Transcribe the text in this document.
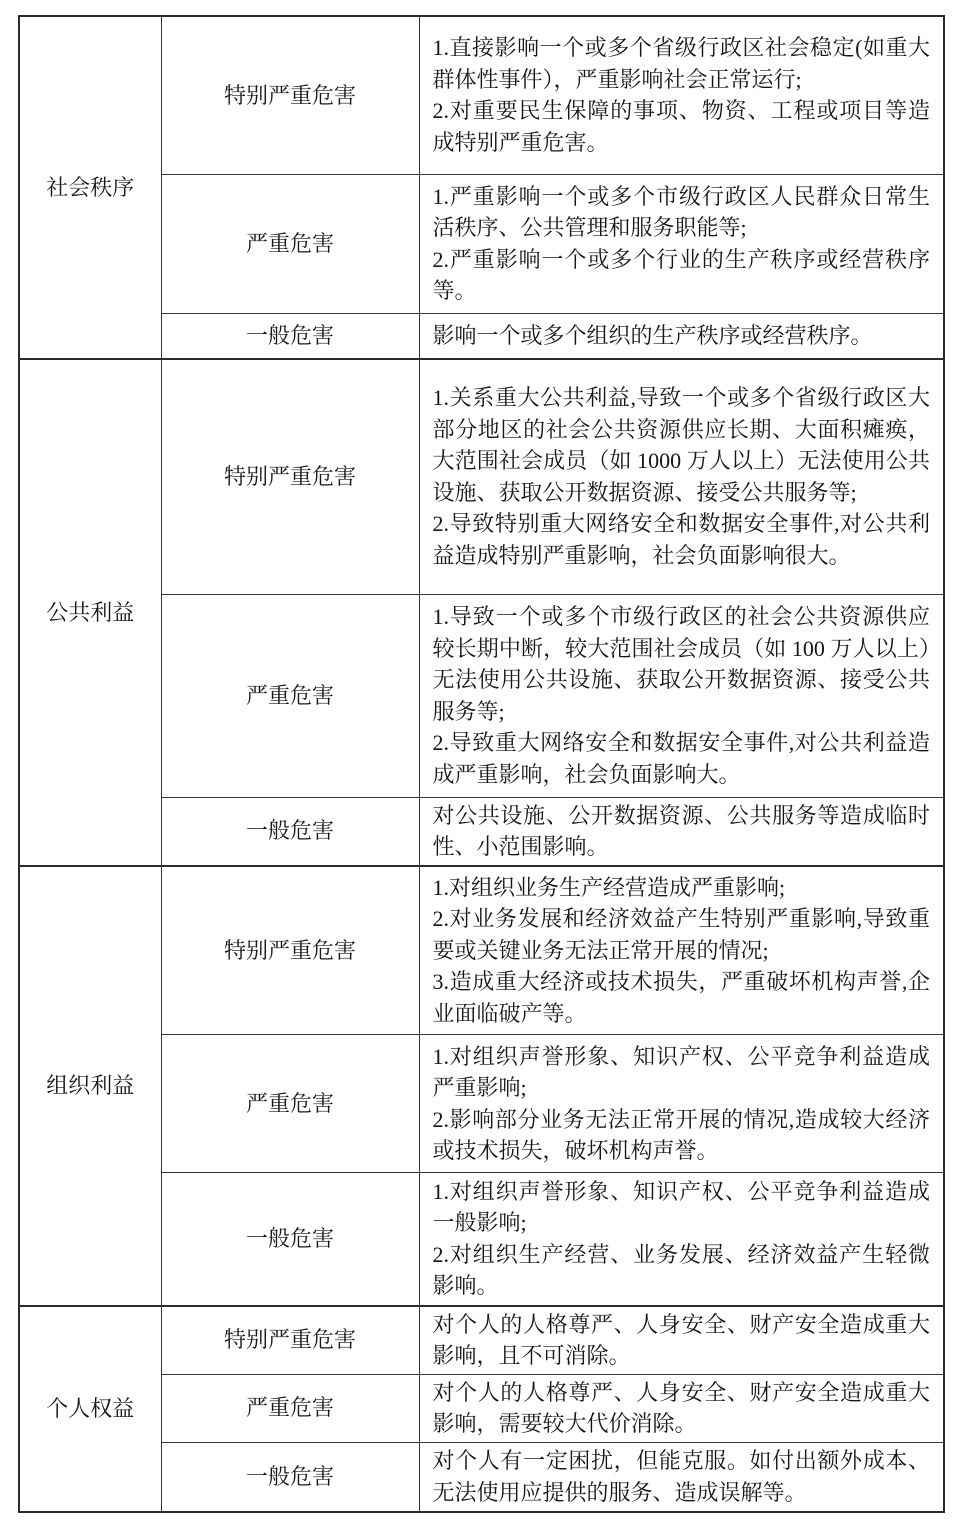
社会秩序	特别严重危害	1.直接影响一个或多个省级行政区社会稳定(如重大群体性事件），严重影响社会正常运行;
2.对重要民生保障的事项、物资、工程或项目等造成特别严重危害。

	严重危害	1.严重影响一个或多个市级行政区人民群众日常生活秩序、公共管理和服务职能等;
2.严重影响一个或多个行业的生产秩序或经营秩序等。

	一般危害	影响一个或多个组织的生产秩序或经营秩序。

公共利益	特别严重危害	1.关系重大公共利益,导致一个或多个省级行政区大部分地区的社会公共资源供应长期、大面积瘫痪，大范围社会成员（如 1000 万人以上）无法使用公共设施、获取公开数据资源、接受公共服务等;
2.导致特别重大网络安全和数据安全事件,对公共利益造成特别严重影响，社会负面影响很大。

	严重危害	1.导致一个或多个市级行政区的社会公共资源供应较长期中断，较大范围社会成员（如 100 万人以上）无法使用公共设施、获取公开数据资源、接受公共服务等;
2.导致重大网络安全和数据安全事件,对公共利益造成严重影响，社会负面影响大。

	一般危害	对公共设施、公开数据资源、公共服务等造成临时性、小范围影响。

组织利益	特别严重危害	1.对组织业务生产经营造成严重影响;
2.对业务发展和经济效益产生特别严重影响,导致重要或关键业务无法正常开展的情况;
3.造成重大经济或技术损失，严重破坏机构声誉,企业面临破产等。

	严重危害	1.对组织声誉形象、知识产权、公平竞争利益造成严重影响;
2.影响部分业务无法正常开展的情况,造成较大经济或技术损失，破坏机构声誉。

	一般危害	1.对组织声誉形象、知识产权、公平竞争利益造成一般影响;
2.对组织生产经营、业务发展、经济效益产生轻微影响。

个人权益	特别严重危害	对个人的人格尊严、人身安全、财产安全造成重大影响，且不可消除。

	严重危害	对个人的人格尊严、人身安全、财产安全造成重大影响，需要较大代价消除。

	一般危害	对个人有一定困扰，但能克服。如付出额外成本、无法使用应提供的服务、造成误解等。
